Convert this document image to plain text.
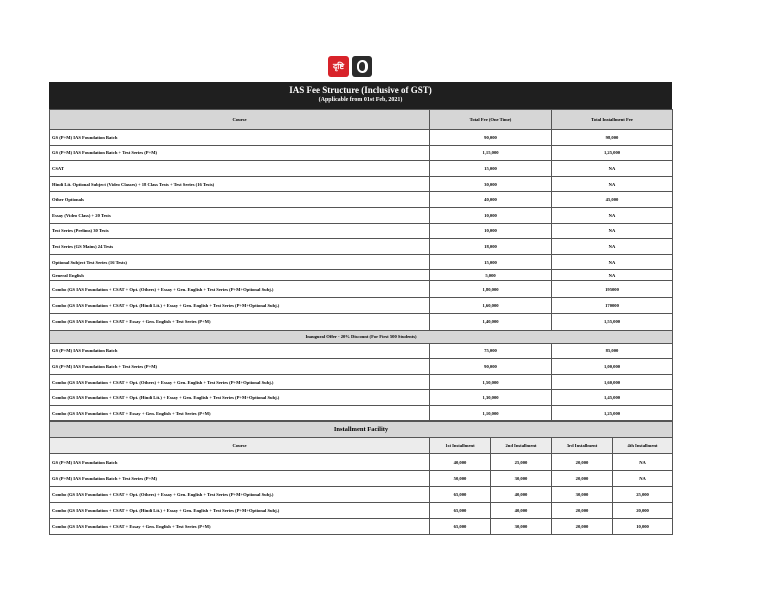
दृष्टि
IAS Fee Structure (Inclusive of GST)
(Applicable from 01st Feb, 2021)
Course	Total Fee (One Time)	Total Installment Fee
GS (P+M) IAS Foundation Batch	90,000	98,000
GS (P+M) IAS Foundation Batch + Test Series (P+M)	1,15,000	1,25,000
CSAT	15,000	NA
Hindi Lit. Optional Subject (Video Classes) + 18 Class Tests + Test Series (16 Tests)	30,000	NA
Other Optionals	40,000	45,000
Essay (Video Class) + 20 Tests	10,000	NA
Test Series (Prelims) 30 Tests	10,000	NA
Test Series (GS Mains) 24 Tests	18,000	NA
Optional Subject Test Series (16 Tests)	15,000	NA
General English	5,000	NA
Combo (GS IAS Foundation + CSAT + Opt. (Others) + Essay + Gen. English + Test Series (P+M+Optional Subj.)	1,80,000	195000
Combo (GS IAS Foundation + CSAT + Opt. (Hindi Lit.) + Essay + Gen. English + Test Series (P+M+Optional Subj.)	1,60,000	170000
Combo (GS IAS Foundation + CSAT + Essay + Gen. English + Test Series (P+M)	1,40,000	1,55,000
Inaugural Offer - 20% Discount (For First 500 Students)		
GS (P+M) IAS Foundation Batch	75,000	85,000
GS (P+M) IAS Foundation Batch + Test Series (P+M)	90,000	1,00,000
Combo (GS IAS Foundation + CSAT + Opt. (Others) + Essay + Gen. English + Test Series (P+M+Optional Subj.)	1,50,000	1,60,000
Combo (GS IAS Foundation + CSAT + Opt. (Hindi Lit.) + Essay + Gen. English + Test Series (P+M+Optional Subj.)	1,30,000	1,45,000
Combo (GS IAS Foundation + CSAT + Essay + Gen. English + Test Series (P+M)	1,10,000	1,25,000
Installment Facility				
Course	1st Installment	2nd Installment	3rd Installment	4th Installment
GS (P+M) IAS Foundation Batch	40,000	25,000	20,000	NA
GS (P+M) IAS Foundation Batch + Test Series (P+M)	50,000	30,000	20,000	NA
Combo (GS IAS Foundation + CSAT + Opt. (Others) + Essay + Gen. English + Test Series (P+M+Optional Subj.)	65,000	40,000	30,000	25,000
Combo (GS IAS Foundation + CSAT + Opt. (Hindi Lit.) + Essay + Gen. English + Test Series (P+M+Optional Subj.)	65,000	40,000	20,000	20,000
Combo (GS IAS Foundation + CSAT + Essay + Gen. English + Test Series (P+M)	65,000	30,000	20,000	10,000
